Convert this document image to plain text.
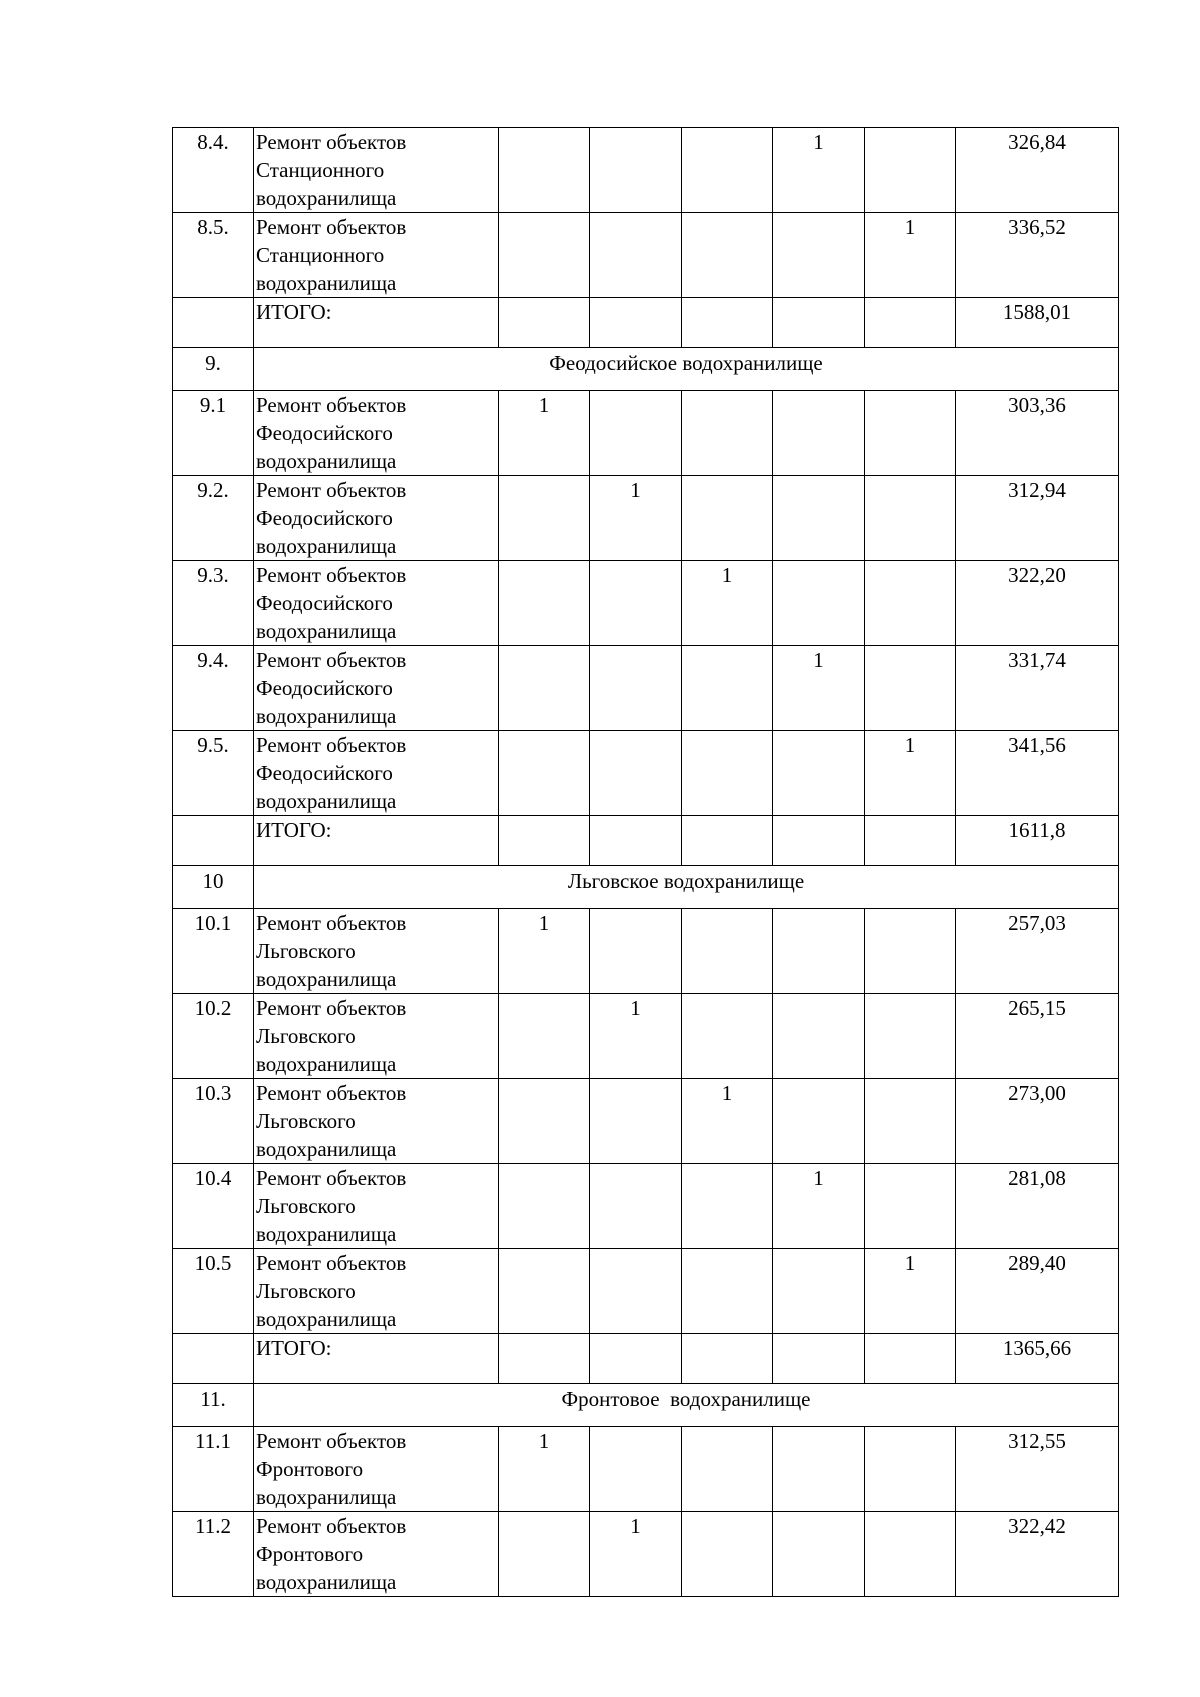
8.4.	Ремонт объектов
Станционного
водохранилища				1		326,84
8.5.	Ремонт объектов
Станционного
водохранилища					1	336,52
	ИТОГО:						1588,01
9.	Феодосийское водохранилище						
9.1	Ремонт объектов
Феодосийского
водохранилища	1					303,36
9.2.	Ремонт объектов
Феодосийского
водохранилища		1				312,94
9.3.	Ремонт объектов
Феодосийского
водохранилища			1			322,20
9.4.	Ремонт объектов
Феодосийского
водохранилища				1		331,74
9.5.	Ремонт объектов
Феодосийского
водохранилища					1	341,56
	ИТОГО:						1611,8
10	Льговское водохранилище						
10.1	Ремонт объектов
Льговского
водохранилища	1					257,03
10.2	Ремонт объектов
Льговского
водохранилища		1				265,15
10.3	Ремонт объектов
Льговского
водохранилища			1			273,00
10.4	Ремонт объектов
Льговского
водохранилища				1		281,08
10.5	Ремонт объектов
Льговского
водохранилища					1	289,40
	ИТОГО:						1365,66
11.	Фронтовое  водохранилище						
11.1	Ремонт объектов
Фронтового
водохранилища	1					312,55
11.2	Ремонт объектов
Фронтового
водохранилища		1				322,42
